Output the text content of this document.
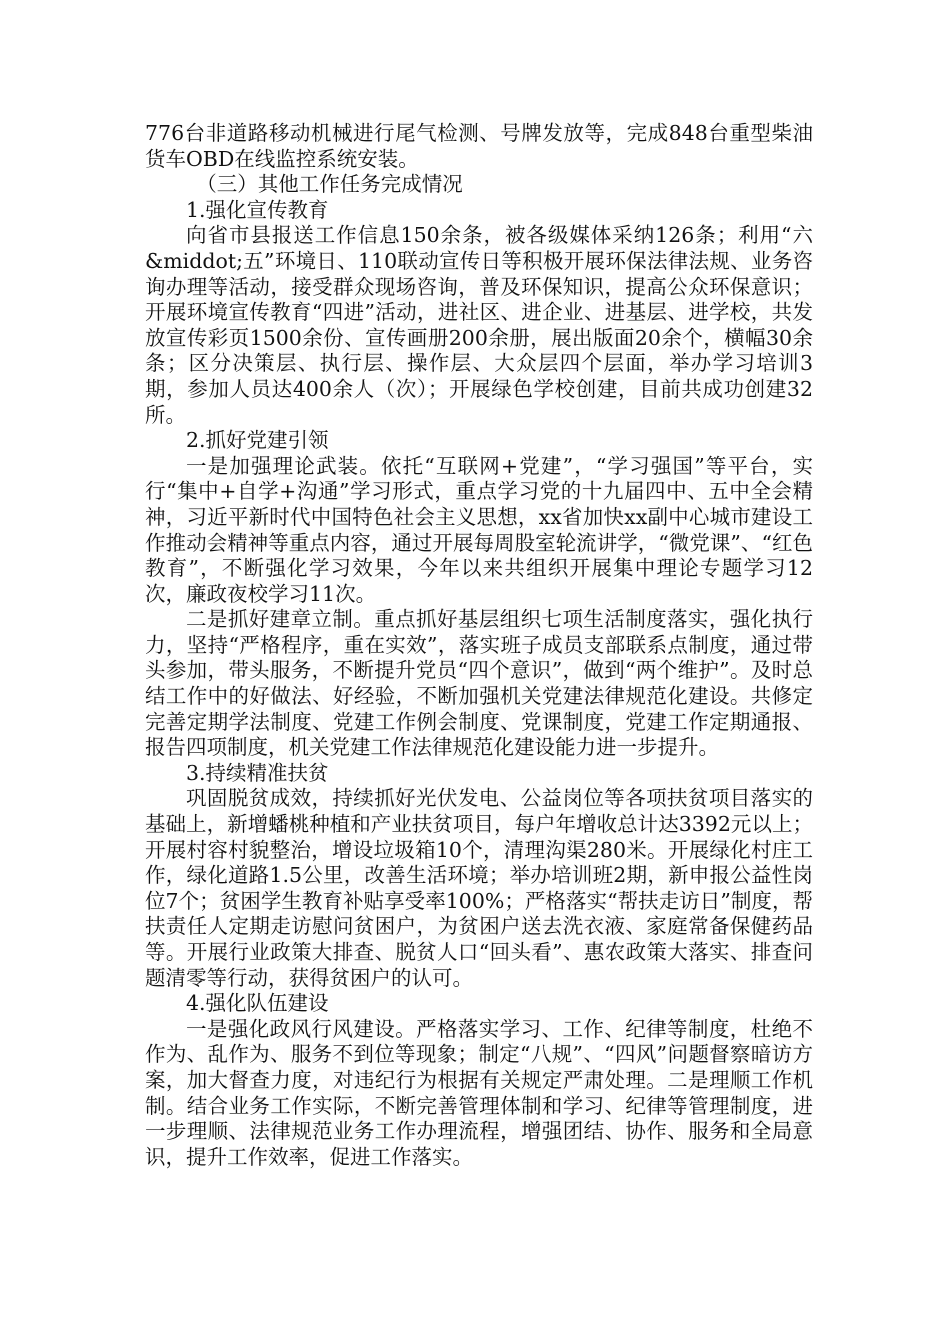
776台非道路移动机械进行尾气检测、号牌发放等，完成848台重型柴油货车OBD在线监控系统安装。

（三）其他工作任务完成情况

1.强化宣传教育

向省市县报送工作信息150余条，被各级媒体采纳126条；利用“六&middot;五”环境日、110联动宣传日等积极开展环保法律法规、业务咨询办理等活动，接受群众现场咨询，普及环保知识，提高公众环保意识；开展环境宣传教育“四进”活动，进社区、进企业、进基层、进学校，共发放宣传彩页1500余份、宣传画册200余册，展出版面20余个，横幅30余条；区分决策层、执行层、操作层、大众层四个层面，举办学习培训3期，参加人员达400余人（次）；开展绿色学校创建，目前共成功创建32所。

2.抓好党建引领

一是加强理论武装。依托“互联网+党建”，“学习强国”等平台，实行“集中+自学+沟通”学习形式，重点学习党的十九届四中、五中全会精神，习近平新时代中国特色社会主义思想，xx省加快xx副中心城市建设工作推动会精神等重点内容，通过开展每周股室轮流讲学，“微党课”、“红色教育”，不断强化学习效果，今年以来共组织开展集中理论专题学习12次，廉政夜校学习11次。

二是抓好建章立制。重点抓好基层组织七项生活制度落实，强化执行力，坚持“严格程序，重在实效”，落实班子成员支部联系点制度，通过带头参加，带头服务，不断提升党员“四个意识”，做到“两个维护”。及时总结工作中的好做法、好经验，不断加强机关党建法律规范化建设。共修定完善定期学法制度、党建工作例会制度、党课制度，党建工作定期通报、报告四项制度，机关党建工作法律规范化建设能力进一步提升。

3.持续精准扶贫

巩固脱贫成效，持续抓好光伏发电、公益岗位等各项扶贫项目落实的基础上，新增蟠桃种植和产业扶贫项目，每户年增收总计达3392元以上；开展村容村貌整治，增设垃圾箱10个，清理沟渠280米。开展绿化村庄工作，绿化道路1.5公里，改善生活环境；举办培训班2期，新申报公益性岗位7个；贫困学生教育补贴享受率100%；严格落实“帮扶走访日”制度，帮扶责任人定期走访慰问贫困户，为贫困户送去洗衣液、家庭常备保健药品等。开展行业政策大排查、脱贫人口“回头看”、惠农政策大落实、排查问题清零等行动，获得贫困户的认可。

4.强化队伍建设

一是强化政风行风建设。严格落实学习、工作、纪律等制度，杜绝不作为、乱作为、服务不到位等现象；制定“八规”、“四风”问题督察暗访方案，加大督查力度，对违纪行为根据有关规定严肃处理。二是理顺工作机制。结合业务工作实际，不断完善管理体制和学习、纪律等管理制度，进一步理顺、法律规范业务工作办理流程，增强团结、协作、服务和全局意识，提升工作效率，促进工作落实。
